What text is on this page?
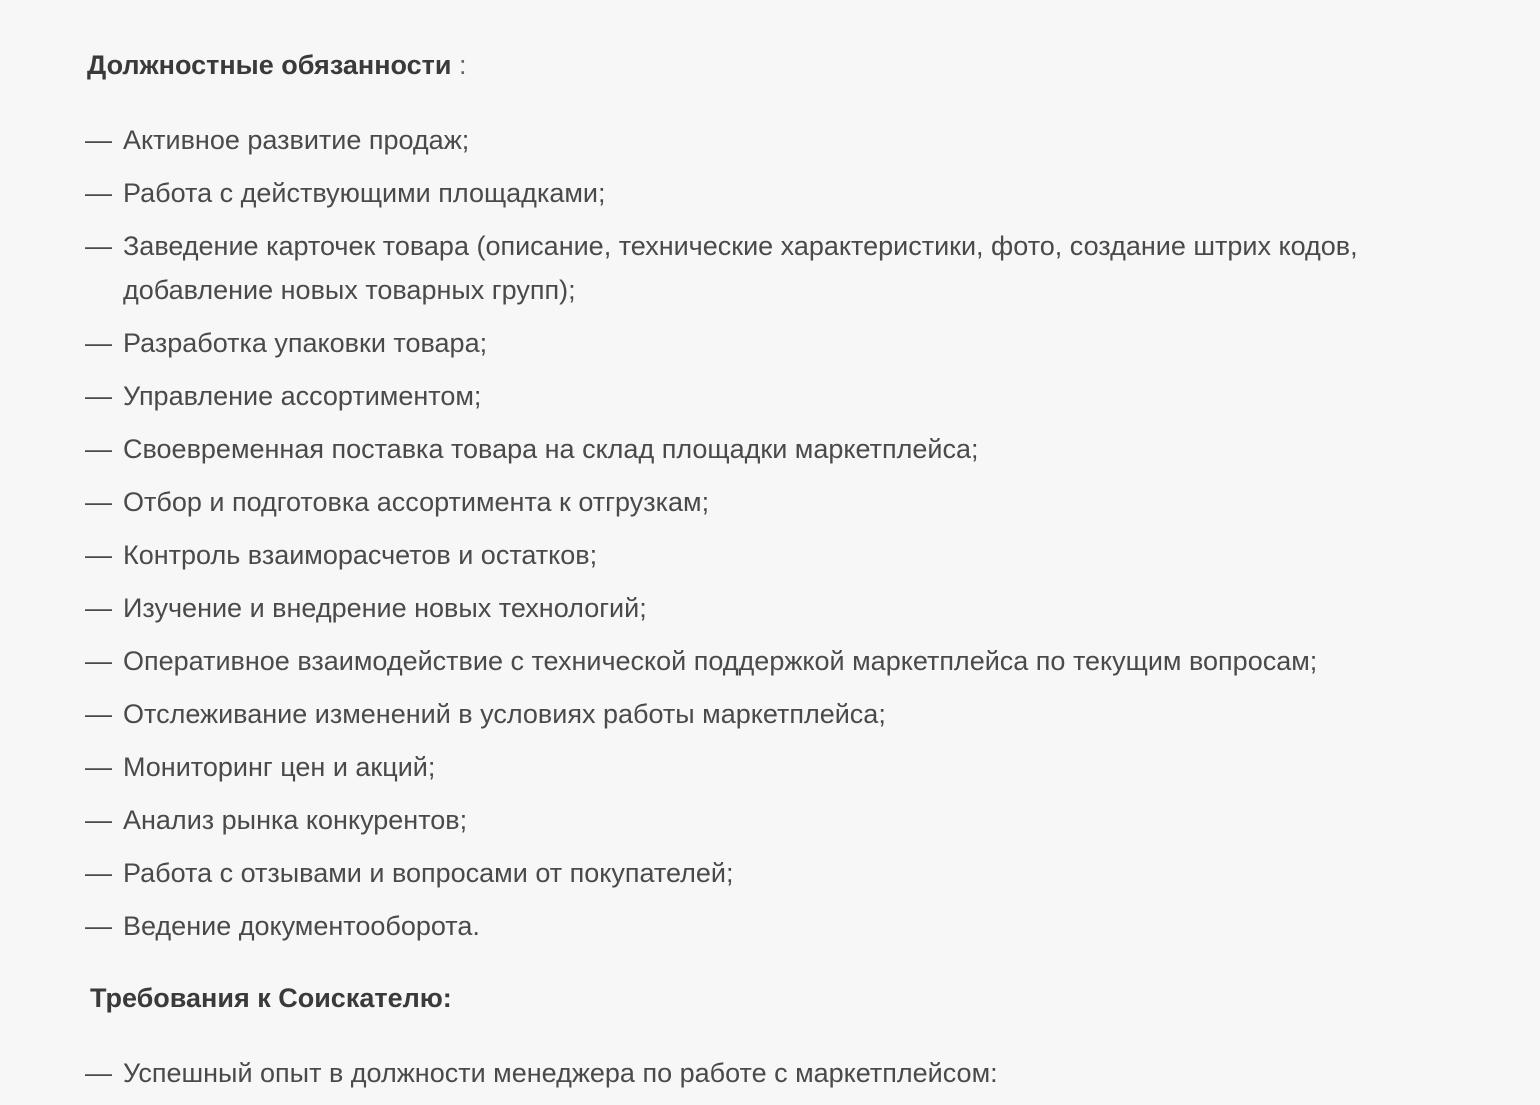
Должностные обязанности :
— Активное развитие продаж;
— Работа с действующими площадками;
— Заведение карточек товара (описание, технические характеристики, фото, создание штрих кодов, добавление новых товарных групп);
— Разработка упаковки товара;
— Управление ассортиментом;
— Своевременная поставка товара на склад площадки маркетплейса;
— Отбор и подготовка ассортимента к отгрузкам;
— Контроль взаиморасчетов и остатков;
— Изучение и внедрение новых технологий;
— Оперативное взаимодействие с технической поддержкой маркетплейса по текущим вопросам;
— Отслеживание изменений в условиях работы маркетплейса;
— Мониторинг цен и акций;
— Анализ рынка конкурентов;
— Работа с отзывами и вопросами от покупателей;
— Ведение документооборота.
Требования к Соискателю:
— Успешный опыт в должности менеджера по работе с маркетплейсом:
